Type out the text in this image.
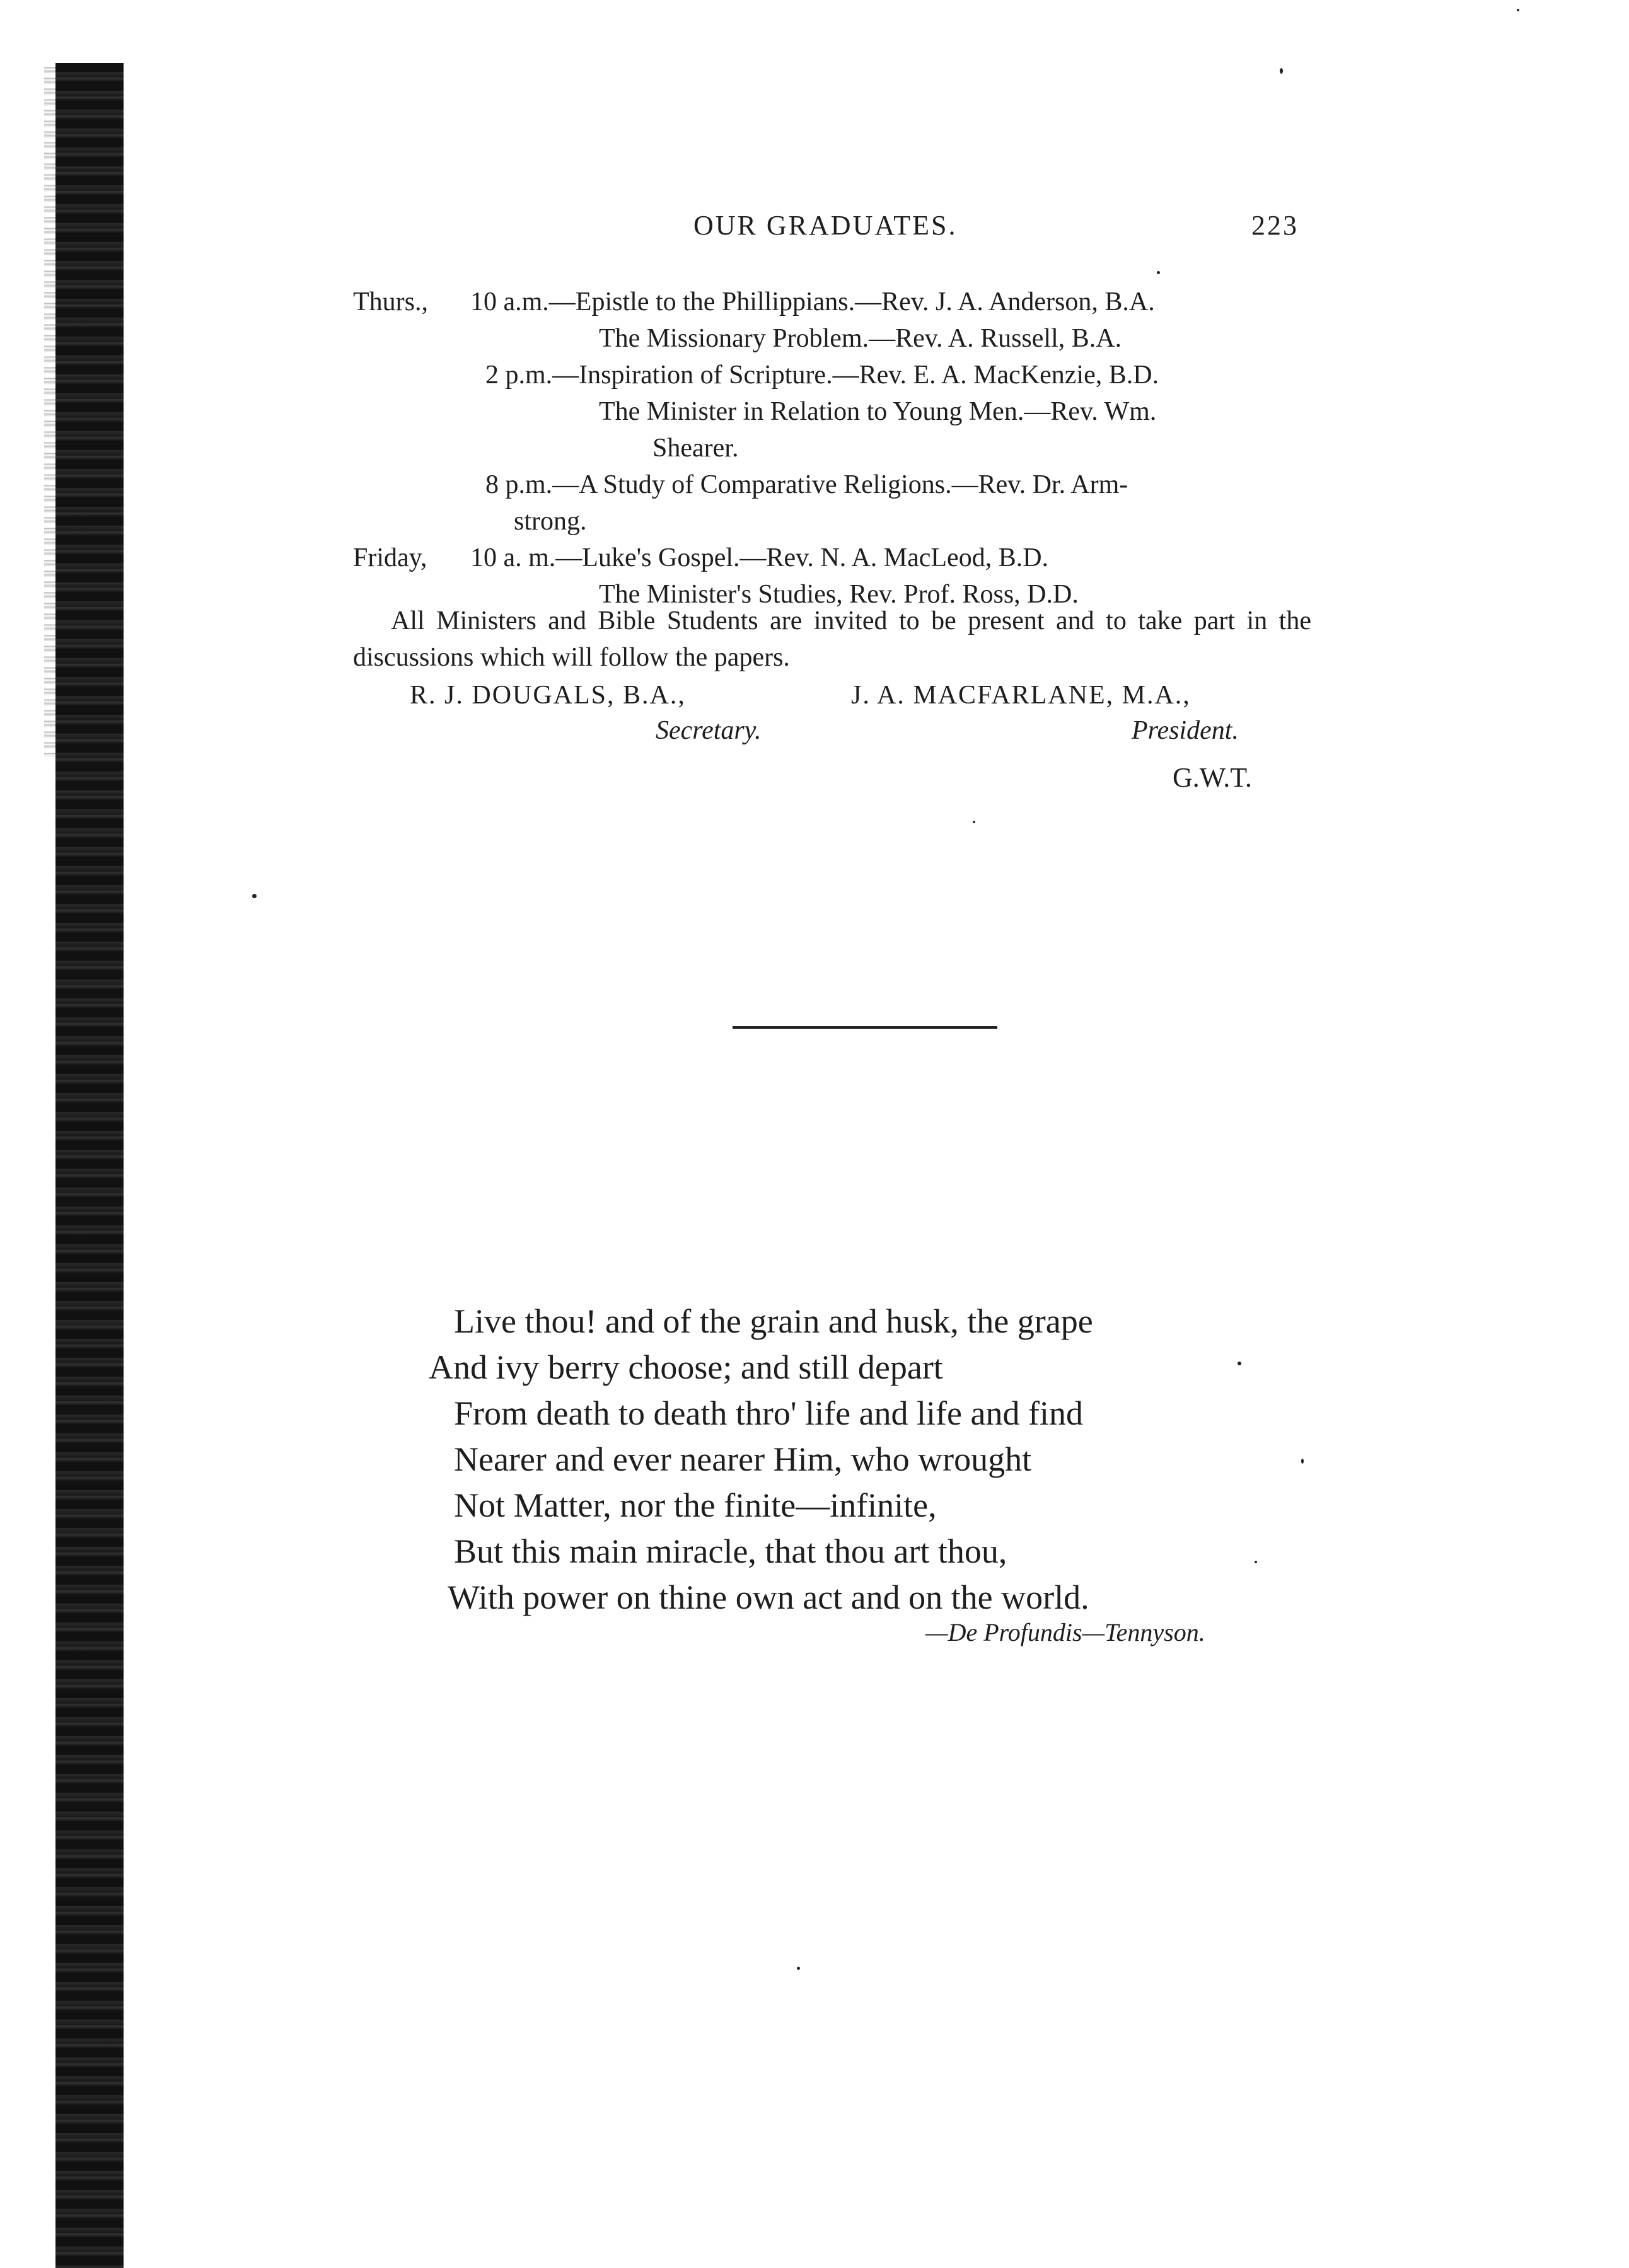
OUR GRADUATES.	223
Thurs., 10 a.m.—Epistle to the Phillippians.—Rev. J. A. Anderson, B.A.
The Missionary Problem.—Rev. A. Russell, B.A.
2 p.m.—Inspiration of Scripture.—Rev. E. A. MacKenzie, B.D.
The Minister in Relation to Young Men.—Rev. Wm.
Shearer.
8 p.m.—A Study of Comparative Religions.—Rev. Dr. Arm-
strong.
Friday, 10 a. m.—Luke's Gospel.—Rev. N. A. MacLeod, B.D.
The Minister's Studies, Rev. Prof. Ross, D.D.
All Ministers and Bible Students are invited to be present and to take part in the discussions which will follow the papers.
R. J. DOUGALS, B.A.,
Secretary.
J. A. MACFARLANE, M.A.,
President.
G.W.T.
Live thou! and of the grain and husk, the grape
And ivy berry choose; and still depart
From death to death thro' life and life and find
Nearer and ever nearer Him, who wrought
Not Matter, nor the finite—infinite,
But this main miracle, that thou art thou,
With power on thine own act and on the world.
—De Profundis—Tennyson.
